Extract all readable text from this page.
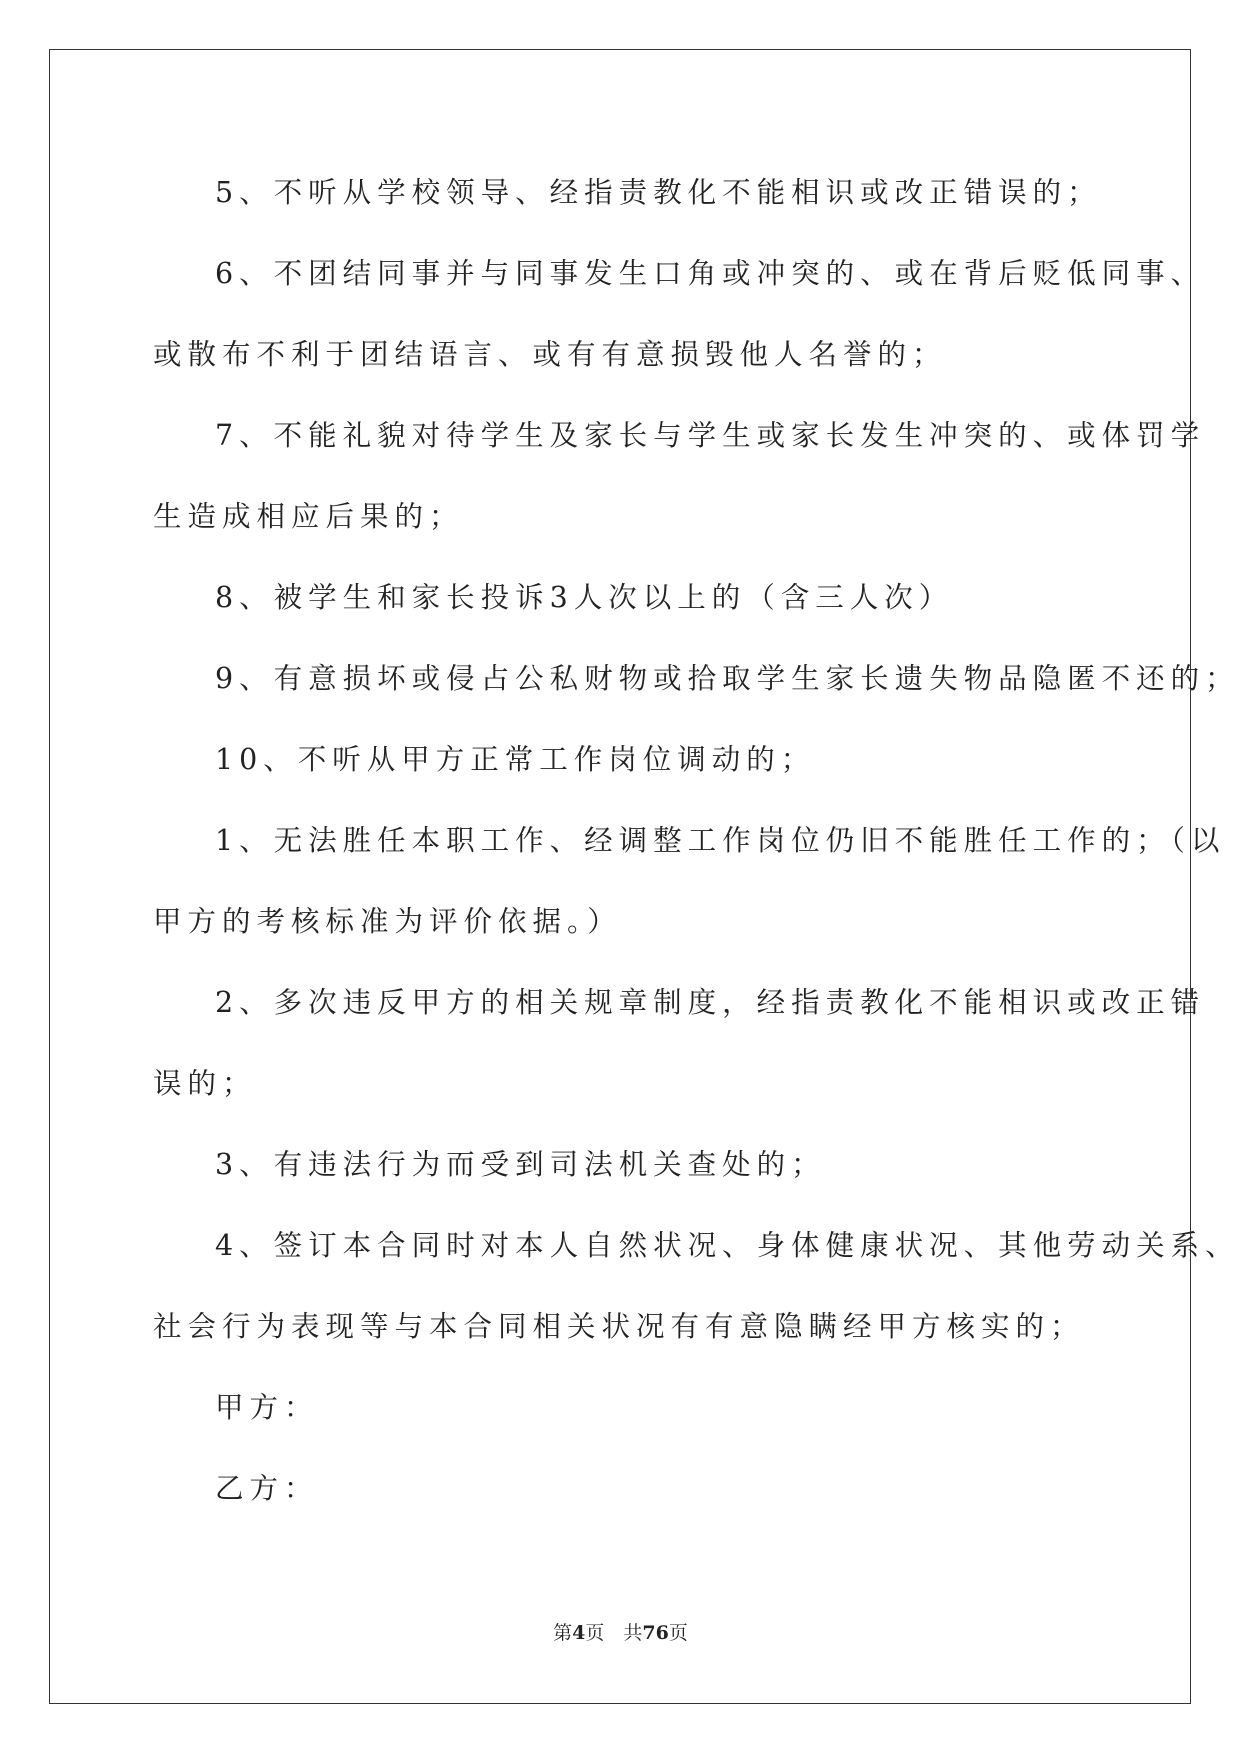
5、不听从学校领导、经指责教化不能相识或改正错误的；
6、不团结同事并与同事发生口角或冲突的、或在背后贬低同事、
或散布不利于团结语言、或有有意损毁他人名誉的；
7、不能礼貌对待学生及家长与学生或家长发生冲突的、或体罚学
生造成相应后果的；
8、被学生和家长投诉3人次以上的（含三人次）
9、有意损坏或侵占公私财物或拾取学生家长遗失物品隐匿不还的；
10、不听从甲方正常工作岗位调动的；
1、无法胜任本职工作、经调整工作岗位仍旧不能胜任工作的；（以
甲方的考核标准为评价依据。）
2、多次违反甲方的相关规章制度，经指责教化不能相识或改正错
误的；
3、有违法行为而受到司法机关查处的；
4、签订本合同时对本人自然状况、身体健康状况、其他劳动关系、
社会行为表现等与本合同相关状况有有意隐瞒经甲方核实的；
甲方：
乙方：
第4页　共76页
